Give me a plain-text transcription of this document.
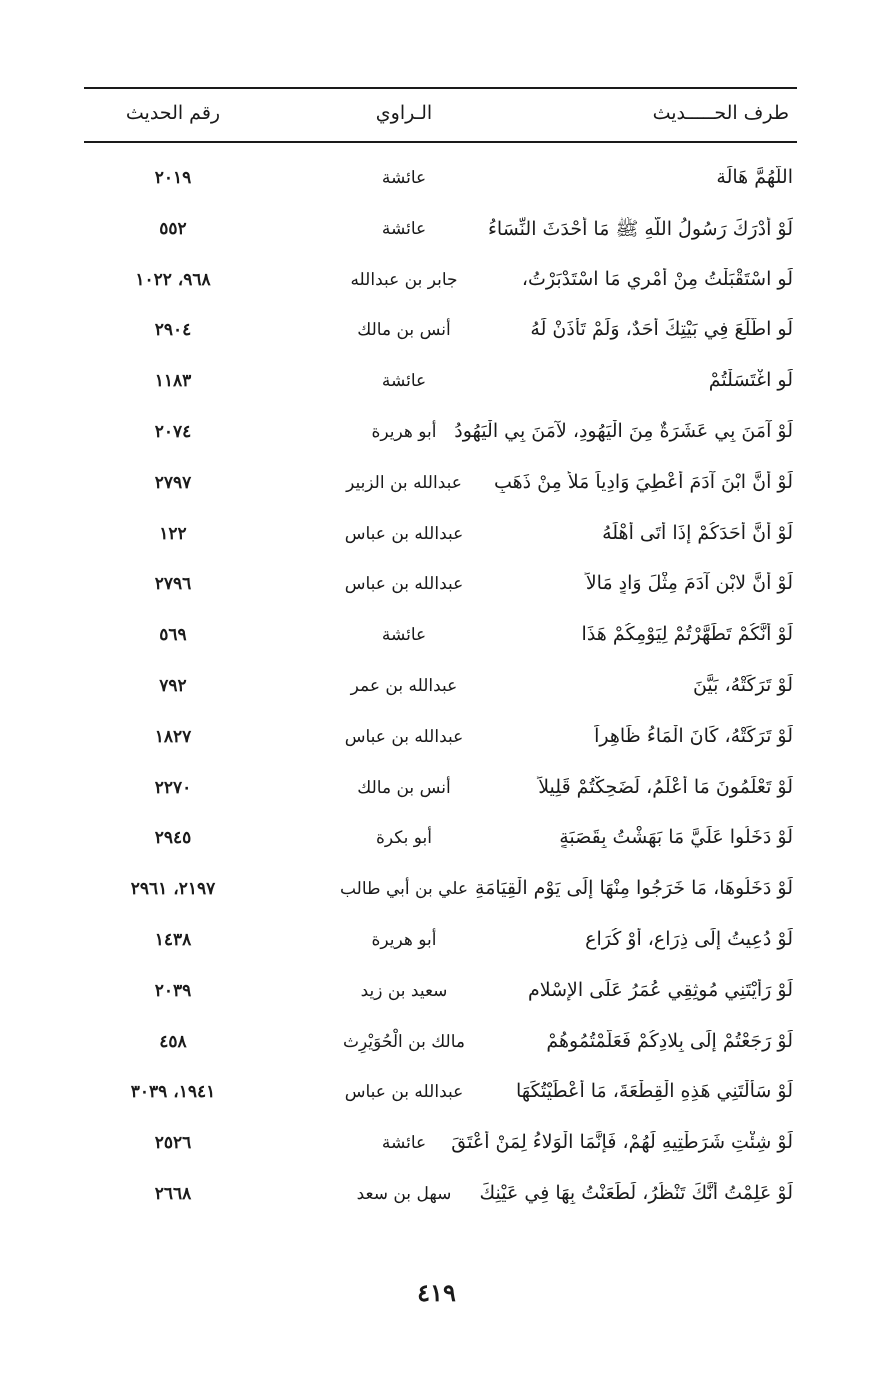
طرف الحـــــديث
الـراوي
رقم الحديث
اللَّهُمَّ هَالَة
عائشة
٢٠١٩
لَوْ أَدْرَكَ رَسُولُ اللَّهِ ﷺ مَا أَحْدَثَ النِّسَاءُ
عائشة
٥٥٢
لَوِ اسْتَقْبَلْتُ مِنْ أَمْرِي مَا اسْتَدْبَرْتُ،
جابر بن عبدالله
٩٦٨، ١٠٢٢
لَوِ اطَّلَعَ فِي بَيْتِكَ أَحَدٌ، وَلَمْ تَأْذَنْ لَهُ
أنس بن مالك
٢٩٠٤
لَوِ اغْتَسَلْتُمْ
عائشة
١١٨٣
لَوْ آمَنَ بِي عَشَرَةٌ مِنَ الْيَهُودِ، لآمَنَ بِي الْيَهُودُ
أبو هريرة
٢٠٧٤
لَوْ أَنَّ ابْنَ آدَمَ أُعْطِيَ وَادِياً مَلأً مِنْ ذَهَبٍ
عبدالله بن الزبير
٢٧٩٧
لَوْ أَنَّ أَحَدَكُمْ إِذَا أَتَى أَهْلَهُ
عبدالله بن عباس
١٢٢
لَوْ أَنَّ لابْنِ آدَمَ مِثْلَ وَادٍ مَالاً
عبدالله بن عباس
٢٧٩٦
لَوْ أَنَّكُمْ تَطَهَّرْتُمْ لِيَوْمِكُمْ هَذَا
عائشة
٥٦٩
لَوْ تَرَكَتْهُ، بَيَّنَ
عبدالله بن عمر
٧٩٢
لَوْ تَرَكَتْهُ، كَانَ الْمَاءُ ظَاهِراً
عبدالله بن عباس
١٨٢٧
لَوْ تَعْلَمُونَ مَا أَعْلَمُ، لَضَحِكْتُمْ قَلِيلاً
أنس بن مالك
٢٢٧٠
لَوْ دَخَلُوا عَلَيَّ مَا بَهَشْتُ بِقَصَبَةٍ
أبو بكرة
٢٩٤٥
لَوْ دَخَلُوهَا، مَا خَرَجُوا مِنْهَا إِلَى يَوْمِ الْقِيَامَةِ
علي بن أبي طالب
٢١٩٧، ٢٩٦١
لَوْ دُعِيتُ إِلَى ذِرَاعٍ، أَوْ كُرَاعٍ
أبو هريرة
١٤٣٨
لَوْ رَأَيْتَنِي مُوثِقِي عُمَرُ عَلَى الإِسْلامِ
سعيد بن زيد
٢٠٣٩
لَوْ رَجَعْتُمْ إِلَى بِلادِكُمْ فَعَلَّمْتُمُوهُمْ
مالك بن الْحُوَيْرِث
٤٥٨
لَوْ سَأَلْتَنِي هَذِهِ الْقِطْعَةَ، مَا أَعْطَيْتُكَهَا
عبدالله بن عباس
١٩٤١، ٣٠٣٩
لَوْ شِئْتِ شَرَطْتِيهِ لَهُمْ، فَإِنَّمَا الْوَلاءُ لِمَنْ أَعْتَقَ
عائشة
٢٥٢٦
لَوْ عَلِمْتُ أَنَّكَ تَنْظُرُ، لَطَعَنْتُ بِهَا فِي عَيْنِكَ
سهل بن سعد
٢٦٦٨
٤١٩
